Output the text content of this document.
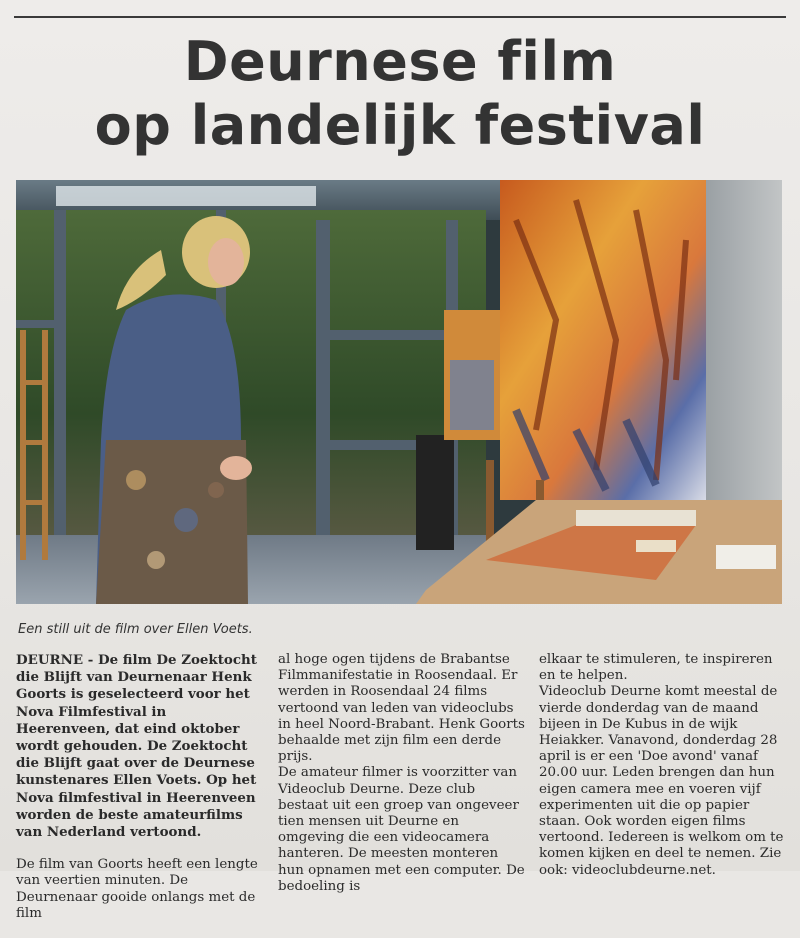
Deurnese film
op landelijk festival
Een still uit de film over Ellen Voets.

DEURNE - De film De Zoektocht die Blijft van Deurnenaar Henk Goorts is geselecteerd voor het Nova Filmfestival in Heerenveen, dat eind oktober wordt gehouden. De Zoektocht die Blijft gaat over de Deurnese kunstenares Ellen Voets. Op het Nova filmfestival in Heerenveen worden de beste amateurfilms van Nederland vertoond.

De film van Goorts heeft een lengte van veertien minuten. De Deurnenaar gooide onlangs met de film

al hoge ogen tijdens de Brabantse Filmmanifestatie in Roosendaal. Er werden in Roosendaal 24 films vertoond van leden van videoclubs in heel Noord-Brabant. Henk Goorts behaalde met zijn film een derde prijs.

De amateur filmer is voorzitter van Videoclub Deurne. Deze club bestaat uit een groep van ongeveer tien mensen uit Deurne en omgeving die een videocamera hanteren. De meesten monteren hun opnamen met een computer. De bedoeling is

elkaar te stimuleren, te inspireren en te helpen.

Videoclub Deurne komt meestal de vierde donderdag van de maand bijeen in De Kubus in de wijk Heiakker. Vanavond, donderdag 28 april is er een 'Doe avond' vanaf 20.00 uur. Leden brengen dan hun eigen camera mee en voeren vijf experimenten uit die op papier staan. Ook worden eigen films vertoond. Iedereen is welkom om te komen kijken en deel te nemen. Zie ook: videoclubdeurne.net.
